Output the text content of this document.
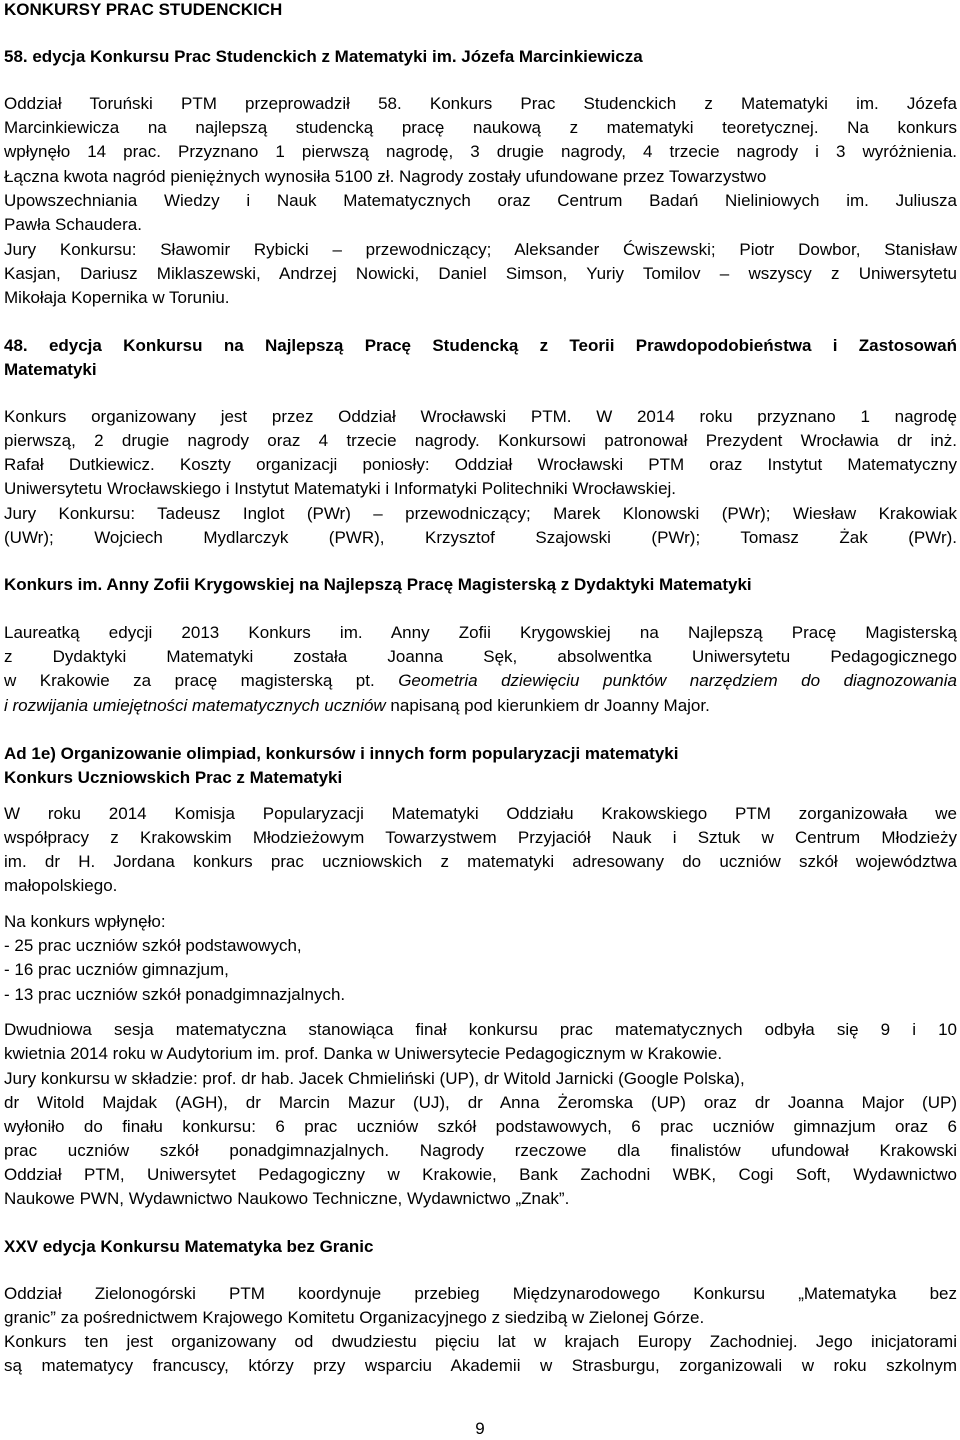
KONKURSY PRAC STUDENCKICH
58. edycja Konkursu Prac Studenckich z Matematyki im. Józefa Marcinkiewicza
Oddział Toruński PTM przeprowadził 58. Konkurs Prac Studenckich z Matematyki im. Józefa
Marcinkiewicza na najlepszą studencką pracę naukową z matematyki teoretycznej. Na konkurs
wpłynęło 14 prac. Przyznano 1 pierwszą nagrodę, 3 drugie nagrody, 4 trzecie nagrody i 3 wyróżnienia.
Łączna kwota nagród pieniężnych wynosiła 5100 zł. Nagrody zostały ufundowane przez Towarzystwo
Upowszechniania Wiedzy i Nauk Matematycznych oraz Centrum Badań Nieliniowych im. Juliusza
Pawła Schaudera.
Jury Konkursu: Sławomir Rybicki – przewodniczący; Aleksander Ćwiszewski; Piotr Dowbor, Stanisław
Kasjan, Dariusz Miklaszewski, Andrzej Nowicki, Daniel Simson, Yuriy Tomilov – wszyscy z Uniwersytetu
Mikołaja Kopernika w Toruniu.
48. edycja Konkursu na Najlepszą Pracę Studencką z Teorii Prawdopodobieństwa i Zastosowań
Matematyki
Konkurs organizowany jest przez Oddział Wrocławski PTM. W 2014 roku przyznano 1 nagrodę
pierwszą, 2 drugie nagrody oraz 4 trzecie nagrody. Konkursowi patronował Prezydent Wrocławia dr inż.
Rafał Dutkiewicz. Koszty organizacji poniosły: Oddział Wrocławski PTM oraz Instytut Matematyczny
Uniwersytetu Wrocławskiego i Instytut Matematyki i Informatyki Politechniki Wrocławskiej.
Jury Konkursu: Tadeusz Inglot (PWr) – przewodniczący; Marek Klonowski (PWr); Wiesław Krakowiak
(UWr); Wojciech Mydlarczyk (PWR), Krzysztof Szajowski (PWr); Tomasz Żak (PWr).
Konkurs im. Anny Zofii Krygowskiej na Najlepszą Pracę Magisterską z Dydaktyki Matematyki
Laureatką edycji 2013 Konkurs im. Anny Zofii Krygowskiej na Najlepszą Pracę Magisterską
z Dydaktyki Matematyki została Joanna Sęk, absolwentka Uniwersytetu Pedagogicznego
w Krakowie za pracę magisterską pt. Geometria dziewięciu punktów narzędziem do diagnozowania
i rozwijania umiejętności matematycznych uczniów napisaną pod kierunkiem dr Joanny Major.
Ad 1e) Organizowanie olimpiad, konkursów i innych form popularyzacji matematyki
Konkurs Uczniowskich Prac z Matematyki
W roku 2014 Komisja Popularyzacji Matematyki Oddziału Krakowskiego PTM zorganizowała we
współpracy z Krakowskim Młodzieżowym Towarzystwem Przyjaciół Nauk i Sztuk w Centrum Młodzieży
im. dr H. Jordana konkurs prac uczniowskich z matematyki adresowany do uczniów szkół województwa
małopolskiego.
Na konkurs wpłynęło:
- 25 prac uczniów szkół podstawowych,
- 16 prac uczniów gimnazjum,
- 13 prac uczniów szkół ponadgimnazjalnych.
Dwudniowa sesja matematyczna stanowiąca finał konkursu prac matematycznych odbyła się 9 i 10
kwietnia 2014 roku w Audytorium im. prof. Danka w Uniwersytecie Pedagogicznym w Krakowie.
Jury konkursu w składzie: prof. dr hab. Jacek Chmieliński (UP), dr Witold Jarnicki (Google Polska),
dr Witold Majdak (AGH), dr Marcin Mazur (UJ), dr Anna Żeromska (UP) oraz dr Joanna Major (UP)
wyłoniło do finału konkursu: 6 prac uczniów szkół podstawowych, 6 prac uczniów gimnazjum oraz 6
prac uczniów szkół ponadgimnazjalnych. Nagrody rzeczowe dla finalistów ufundował Krakowski
Oddział PTM, Uniwersytet Pedagogiczny w Krakowie, Bank Zachodni WBK, Cogi Soft, Wydawnictwo
Naukowe PWN, Wydawnictwo Naukowo Techniczne, Wydawnictwo „Znak”.
XXV edycja Konkursu Matematyka bez Granic
Oddział Zielonogórski PTM koordynuje przebieg Międzynarodowego Konkursu „Matematyka bez
granic” za pośrednictwem Krajowego Komitetu Organizacyjnego z siedzibą w Zielonej Górze.
Konkurs ten jest organizowany od dwudziestu pięciu lat w krajach Europy Zachodniej. Jego inicjatorami
są matematycy francuscy, którzy przy wsparciu Akademii w Strasburgu, zorganizowali w roku szkolnym
9
